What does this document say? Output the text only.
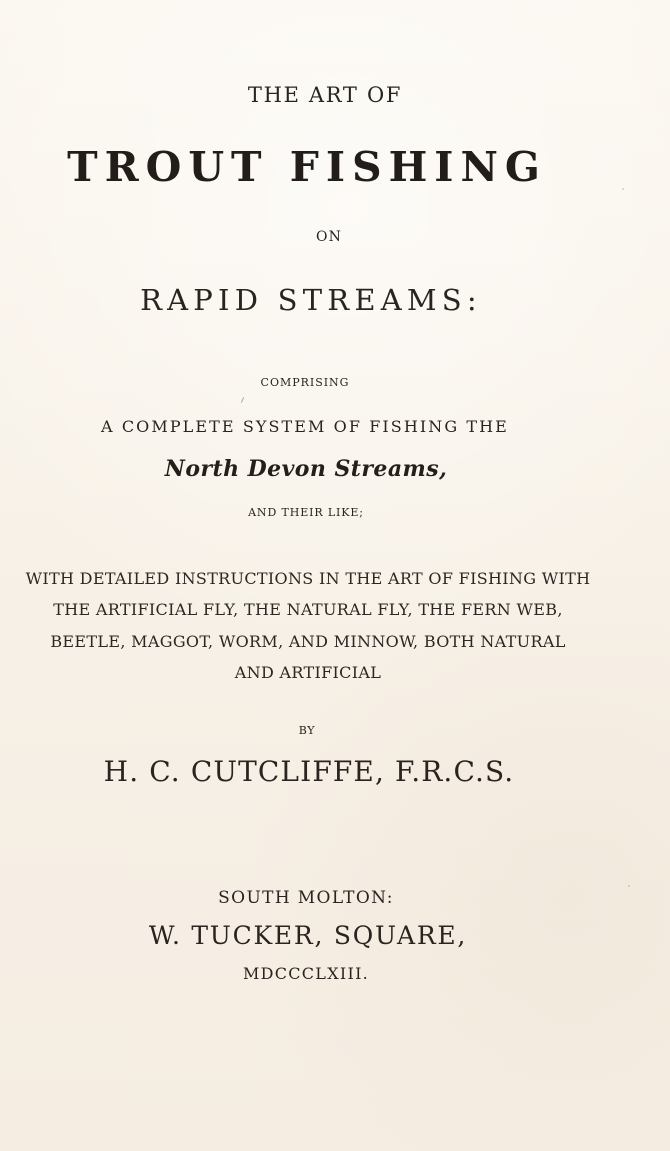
THE ART OF
TROUT FISHING
ON
RAPID STREAMS:
COMPRISING
A COMPLETE SYSTEM OF FISHING THE
North Devon Streams,
AND THEIR LIKE;
WITH DETAILED INSTRUCTIONS IN THE ART OF FISHING WITH
THE ARTIFICIAL FLY, THE NATURAL FLY, THE FERN WEB,
BEETLE, MAGGOT, WORM, AND MINNOW, BOTH NATURAL
AND ARTIFICIAL
BY
H. C. CUTCLIFFE, F.R.C.S.
SOUTH MOLTON:
W. TUCKER, SQUARE,
MDCCCLXIII.
